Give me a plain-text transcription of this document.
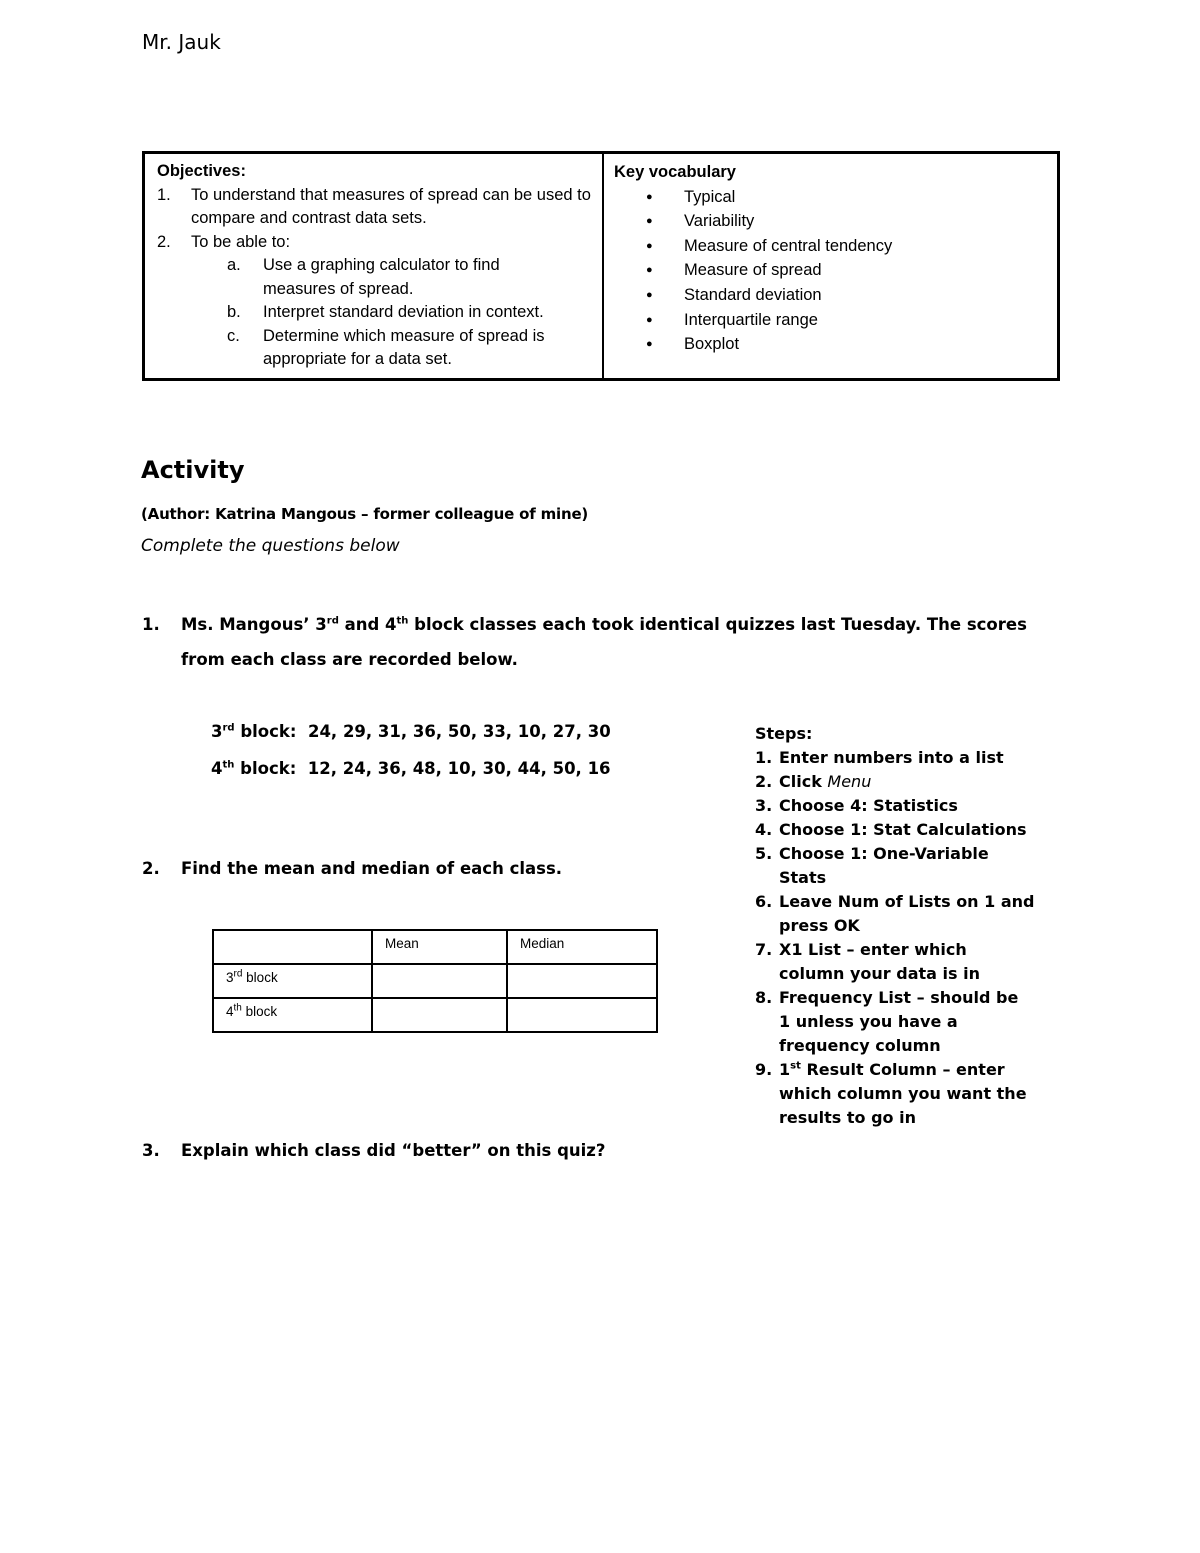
Mr. Jauk
Objectives:
1.	To understand that measures of spread can be used to compare and contrast data sets.
2.	To be able to:
a.	Use a graphing calculator to find measures of spread.
b.	Interpret standard deviation in context.
c.	Determine which measure of spread is appropriate for a data set.
Key vocabulary
●
Typical
●
Variability
●
Measure of central tendency
●
Measure of spread
●
Standard deviation
●
Interquartile range
●
Boxplot
Activity
(Author: Katrina Mangous – former colleague of mine)
Complete the questions below
1. Ms. Mangous’ 3rd and 4th block classes each took identical quizzes last Tuesday. The scores from each class are recorded below.
3rd block:  24, 29, 31, 36, 50, 33, 10, 27, 30
4th block:  12, 24, 36, 48, 10, 30, 44, 50, 16
2. Find the mean and median of each class.
	Mean	Median
3rd block		
4th block		
3. Explain which class did “better” on this quiz?
Steps:
1. Enter numbers into a list
2. Click Menu
3. Choose 4: Statistics
4. Choose 1: Stat Calculations
5. Choose 1: One-Variable Stats
6. Leave Num of Lists on 1 and press OK
7. X1 List – enter which column your data is in
8. Frequency List – should be 1 unless you have a frequency column
9. 1st Result Column – enter which column you want the results to go in
